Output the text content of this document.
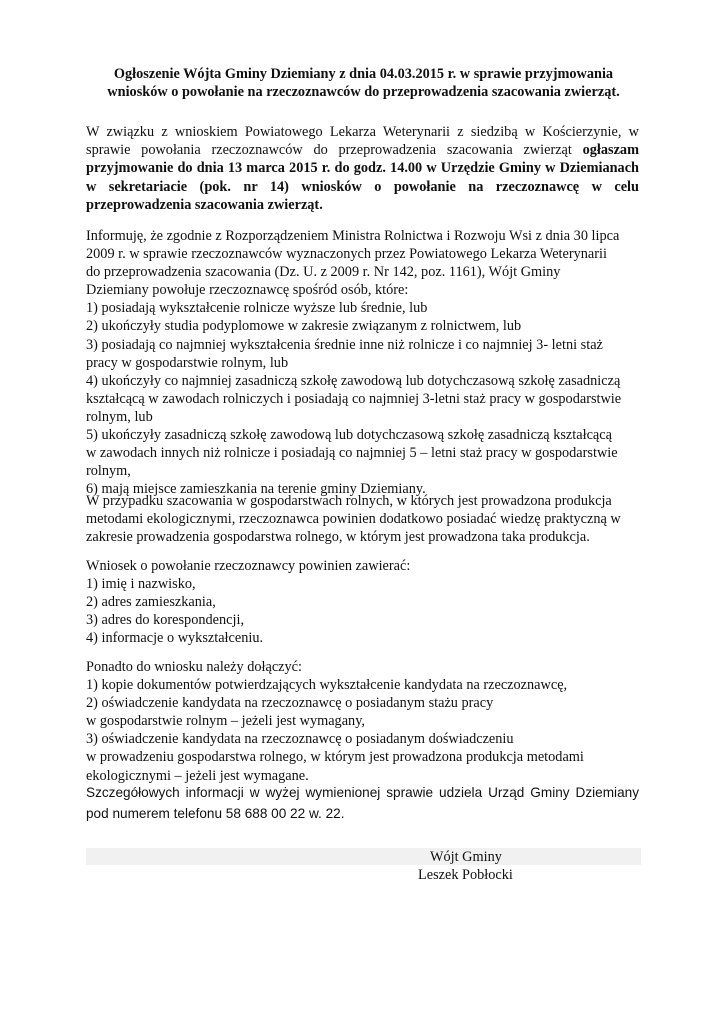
Ogłoszenie Wójta Gminy Dziemiany z dnia 04.03.2015 r. w sprawie przyjmowania
wniosków o powołanie na rzeczoznawców do przeprowadzenia szacowania zwierząt.
W związku z wnioskiem Powiatowego Lekarza Weterynarii z siedzibą w Kościerzynie, w sprawie powołania rzeczoznawców do przeprowadzenia szacowania zwierząt ogłaszam przyjmowanie do dnia 13 marca 2015 r. do godz. 14.00 w Urzędzie Gminy w Dziemianach w sekretariacie (pok. nr 14) wniosków o powołanie na rzeczoznawcę w celu przeprowadzenia szacowania zwierząt.
Informuję, że zgodnie z Rozporządzeniem Ministra Rolnictwa i Rozwoju Wsi z dnia 30 lipca
2009 r. w sprawie rzeczoznawców wyznaczonych przez Powiatowego Lekarza Weterynarii
do przeprowadzenia szacowania (Dz. U. z 2009 r. Nr 142, poz. 1161), Wójt Gminy
Dziemiany powołuje rzeczoznawcę spośród osób, które:
1) posiadają wykształcenie rolnicze wyższe lub średnie, lub
2) ukończyły studia podyplomowe w zakresie związanym z rolnictwem, lub
3) posiadają co najmniej wykształcenia średnie inne niż rolnicze i co najmniej 3- letni staż
pracy w gospodarstwie rolnym, lub
4) ukończyły co najmniej zasadniczą szkołę zawodową lub dotychczasową szkołę zasadniczą
kształcącą w zawodach rolniczych i posiadają co najmniej 3-letni staż pracy w gospodarstwie
rolnym, lub
5) ukończyły zasadniczą szkołę zawodową lub dotychczasową szkołę zasadniczą kształcącą
w zawodach innych niż rolnicze i posiadają co najmniej 5 – letni staż pracy w gospodarstwie
rolnym,
6) mają miejsce zamieszkania na terenie gminy Dziemiany.
W przypadku szacowania w gospodarstwach rolnych, w których jest prowadzona produkcja
metodami ekologicznymi, rzeczoznawca powinien dodatkowo posiadać wiedzę praktyczną w
zakresie prowadzenia gospodarstwa rolnego, w którym jest prowadzona taka produkcja.
Wniosek o powołanie rzeczoznawcy powinien zawierać:
1) imię i nazwisko,
2) adres zamieszkania,
3) adres do korespondencji,
4) informacje o wykształceniu.
Ponadto do wniosku należy dołączyć:
1) kopie dokumentów potwierdzających wykształcenie kandydata na rzeczoznawcę,
2) oświadczenie kandydata na rzeczoznawcę o posiadanym stażu pracy
w gospodarstwie rolnym – jeżeli jest wymagany,
3) oświadczenie kandydata na rzeczoznawcę o posiadanym doświadczeniu
w prowadzeniu gospodarstwa rolnego, w którym jest prowadzona produkcja metodami
ekologicznymi – jeżeli jest wymagane.
Szczegółowych informacji w wyżej wymienionej sprawie udziela Urząd Gminy Dziemiany pod numerem telefonu 58 688 00 22 w. 22.
Wójt Gminy
Leszek Pobłocki
